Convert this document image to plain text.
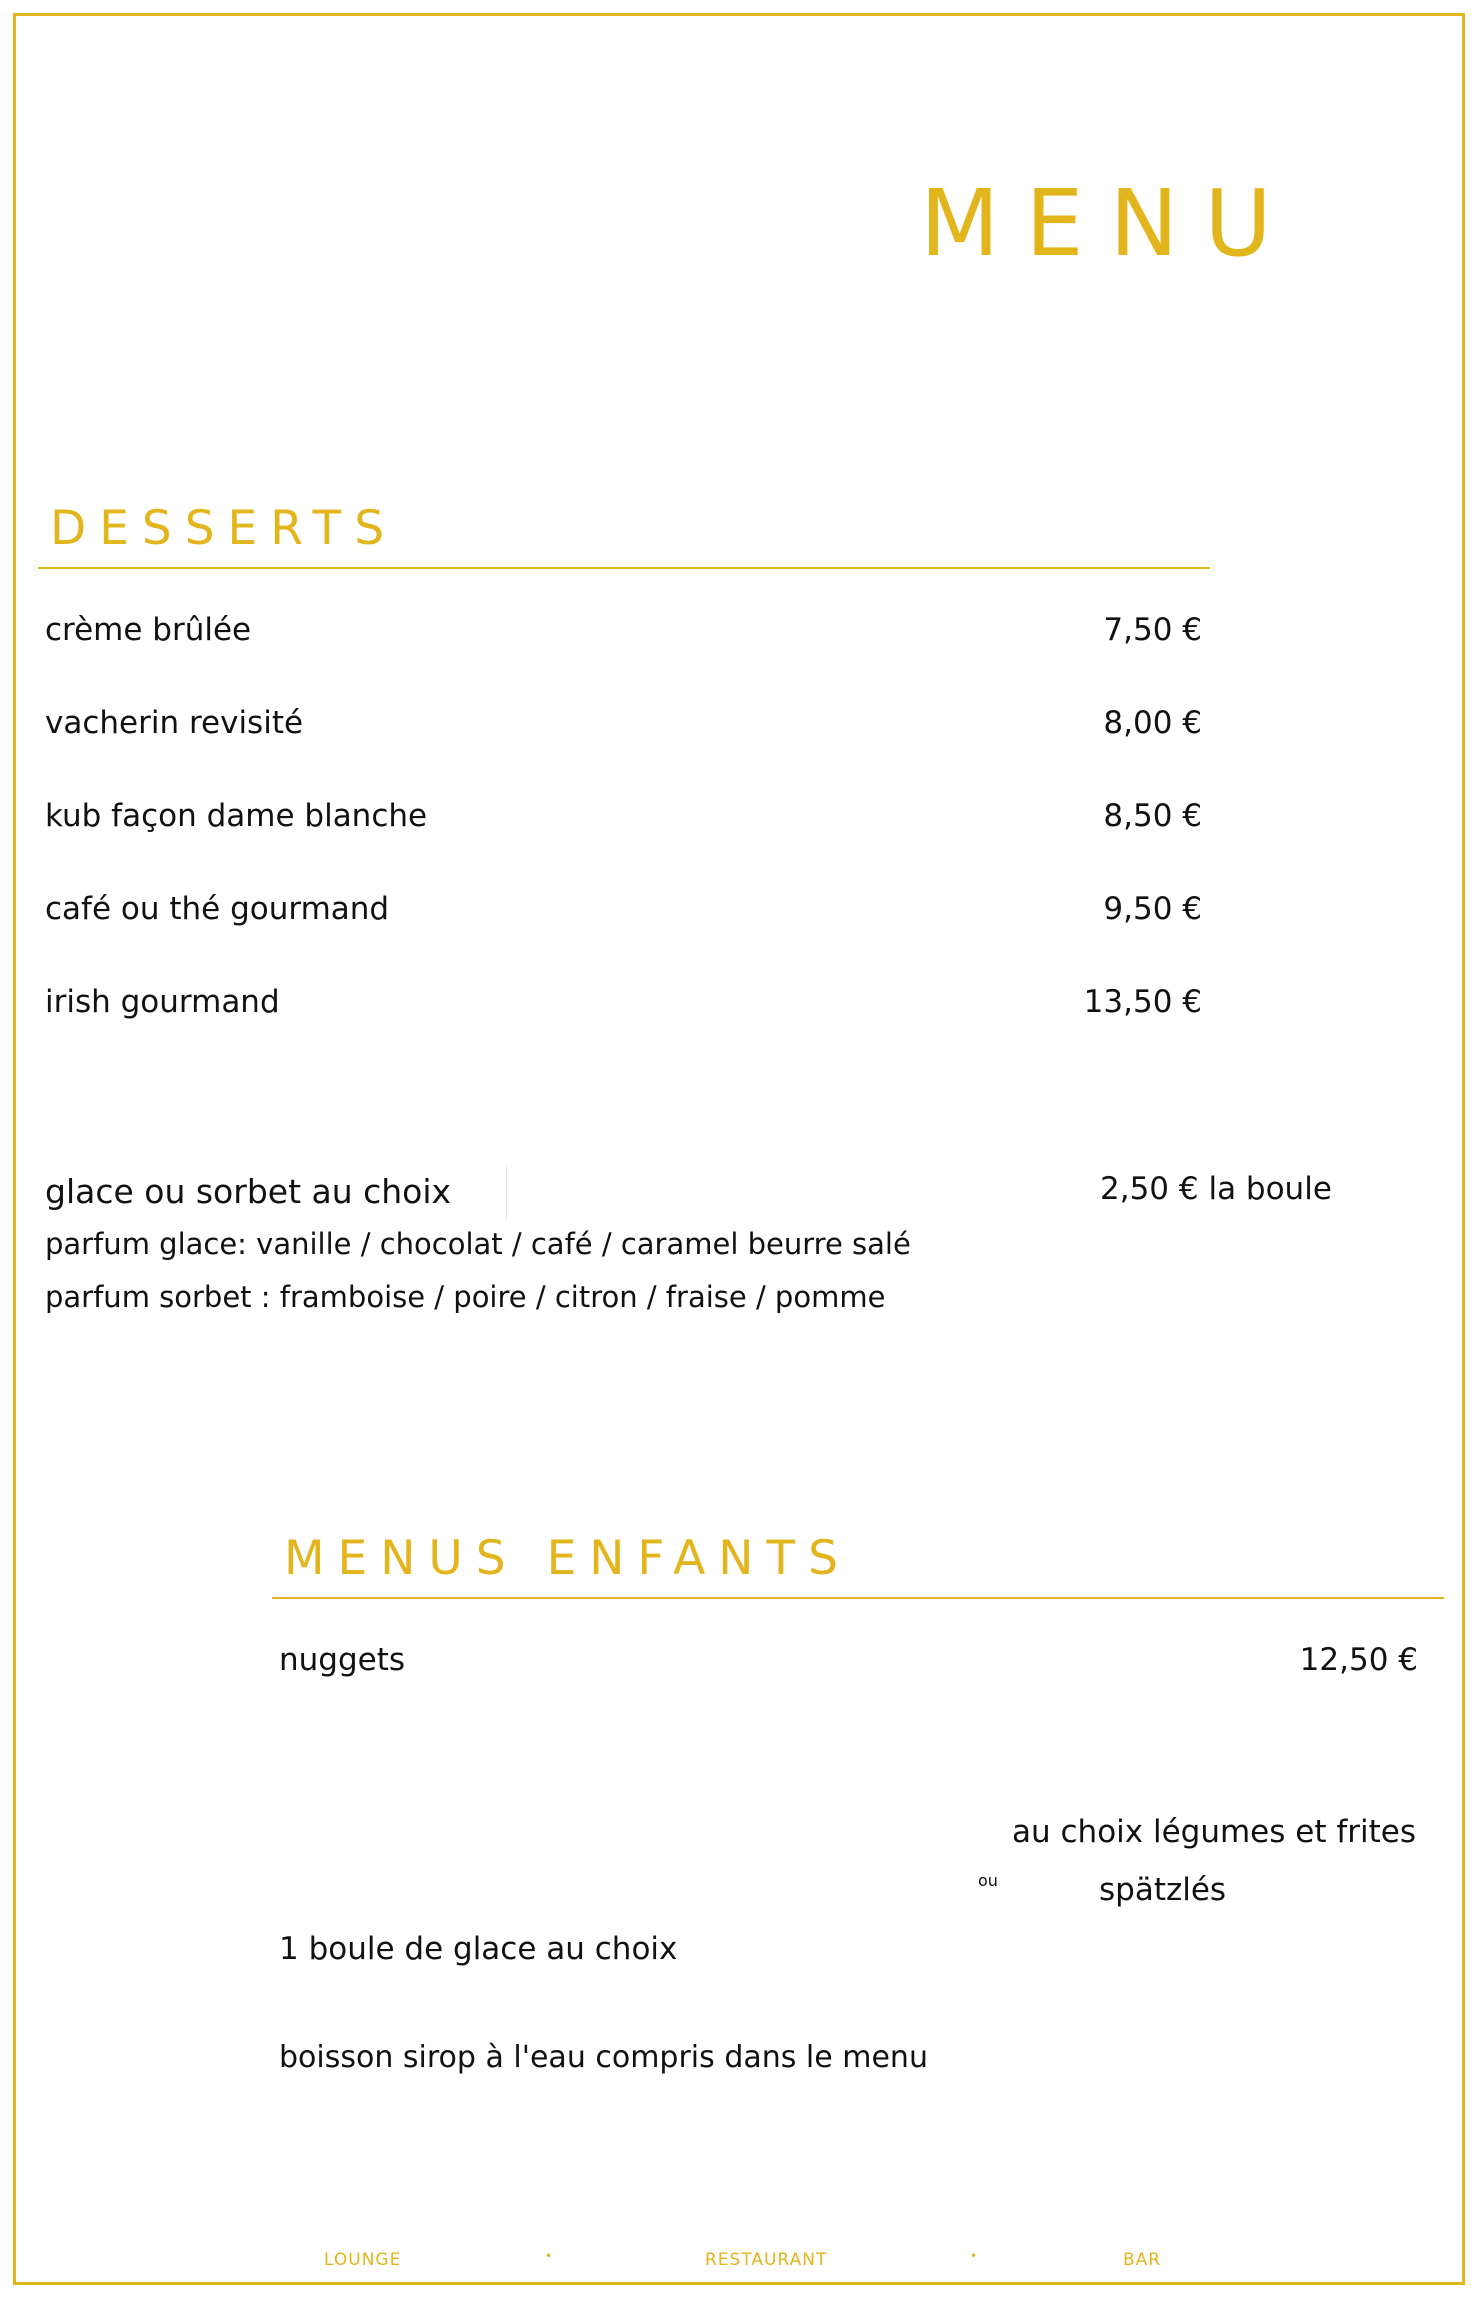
MENU
DESSERTS
crème brûlée	7,50 €
vacherin revisité	8,00 €
kub façon dame blanche	8,50 €
café ou thé gourmand	9,50 €
irish gourmand	13,50 €
glace ou sorbet au choix	2,50 € la boule
parfum glace: vanille / chocolat / café / caramel beurre salé
parfum sorbet : framboise / poire / citron / fraise / pomme
MENUS ENFANTS
nuggets	12,50 €
au choix légumes et frites
ou	spätzlés
1 boule de glace au choix
boisson sirop à l'eau compris dans le menu
LOUNGE	•	RESTAURANT	•	BAR
